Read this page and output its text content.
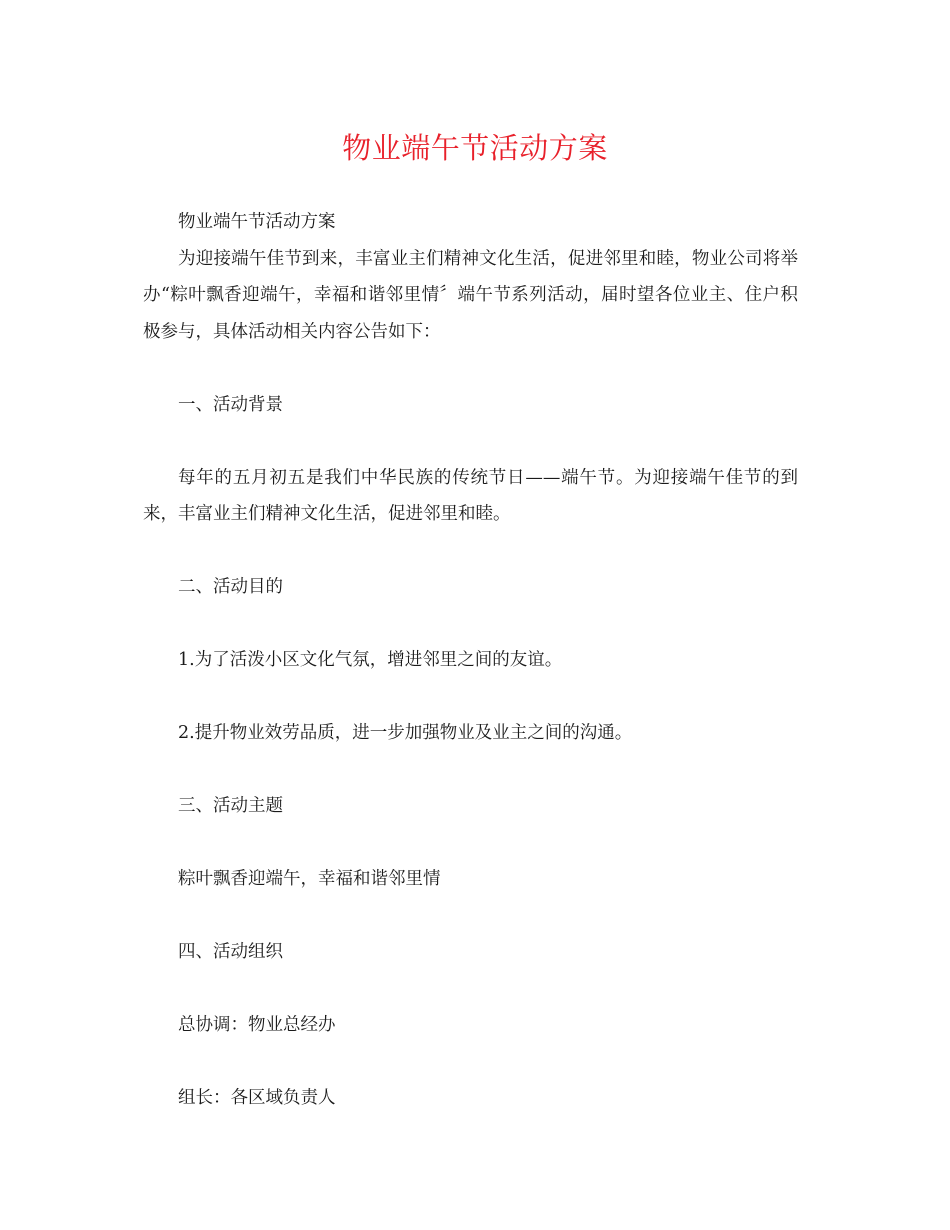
物业端午节活动方案

物业端午节活动方案

为迎接端午佳节到来，丰富业主们精神文化生活，促进邻里和睦，物业公司将举办“粽叶飘香迎端午，幸福和谐邻里情〞端午节系列活动，届时望各位业主、住户积极参与，具体活动相关内容公告如下：

一、活动背景

每年的五月初五是我们中华民族的传统节日——端午节。为迎接端午佳节的到来，丰富业主们精神文化生活，促进邻里和睦。

二、活动目的

1.为了活泼小区文化气氛，增进邻里之间的友谊。

2.提升物业效劳品质，进一步加强物业及业主之间的沟通。

三、活动主题

粽叶飘香迎端午，幸福和谐邻里情

四、活动组织

总协调：物业总经办

组长：各区域负责人
